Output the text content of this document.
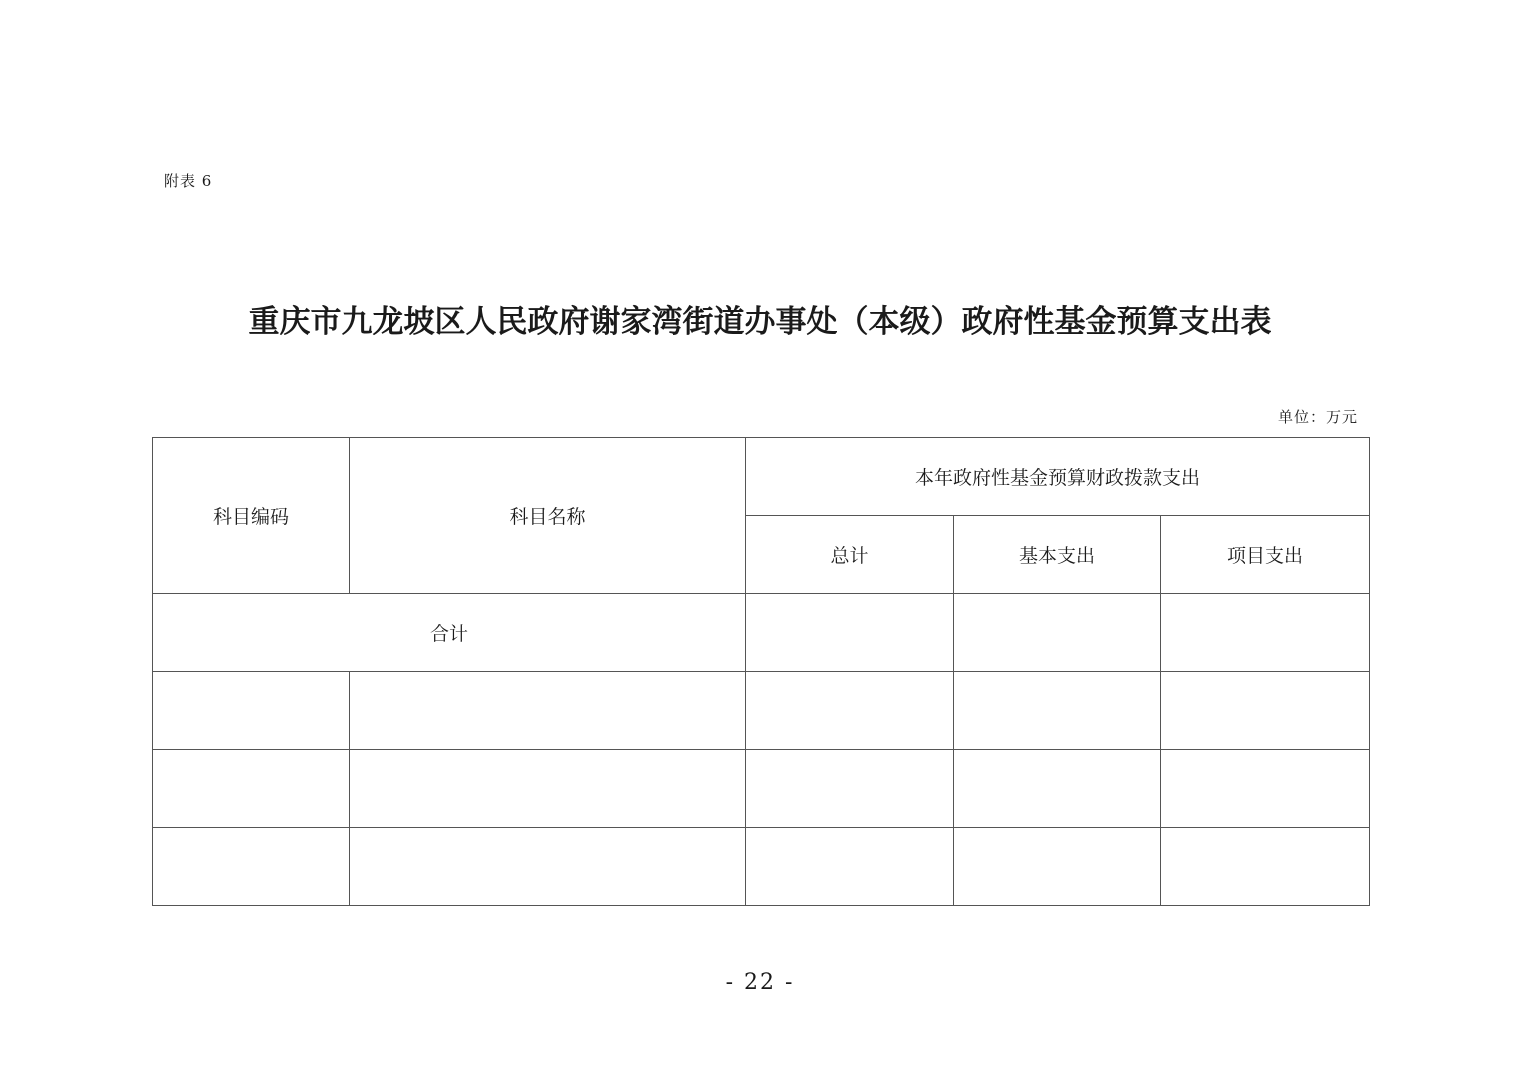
附表 6
重庆市九龙坡区人民政府谢家湾街道办事处（本级）政府性基金预算支出表
单位：万元
科目编码	科目名称	本年政府性基金预算财政拨款支出		
		总计	基本支出	项目支出
合计				

- 22 -
